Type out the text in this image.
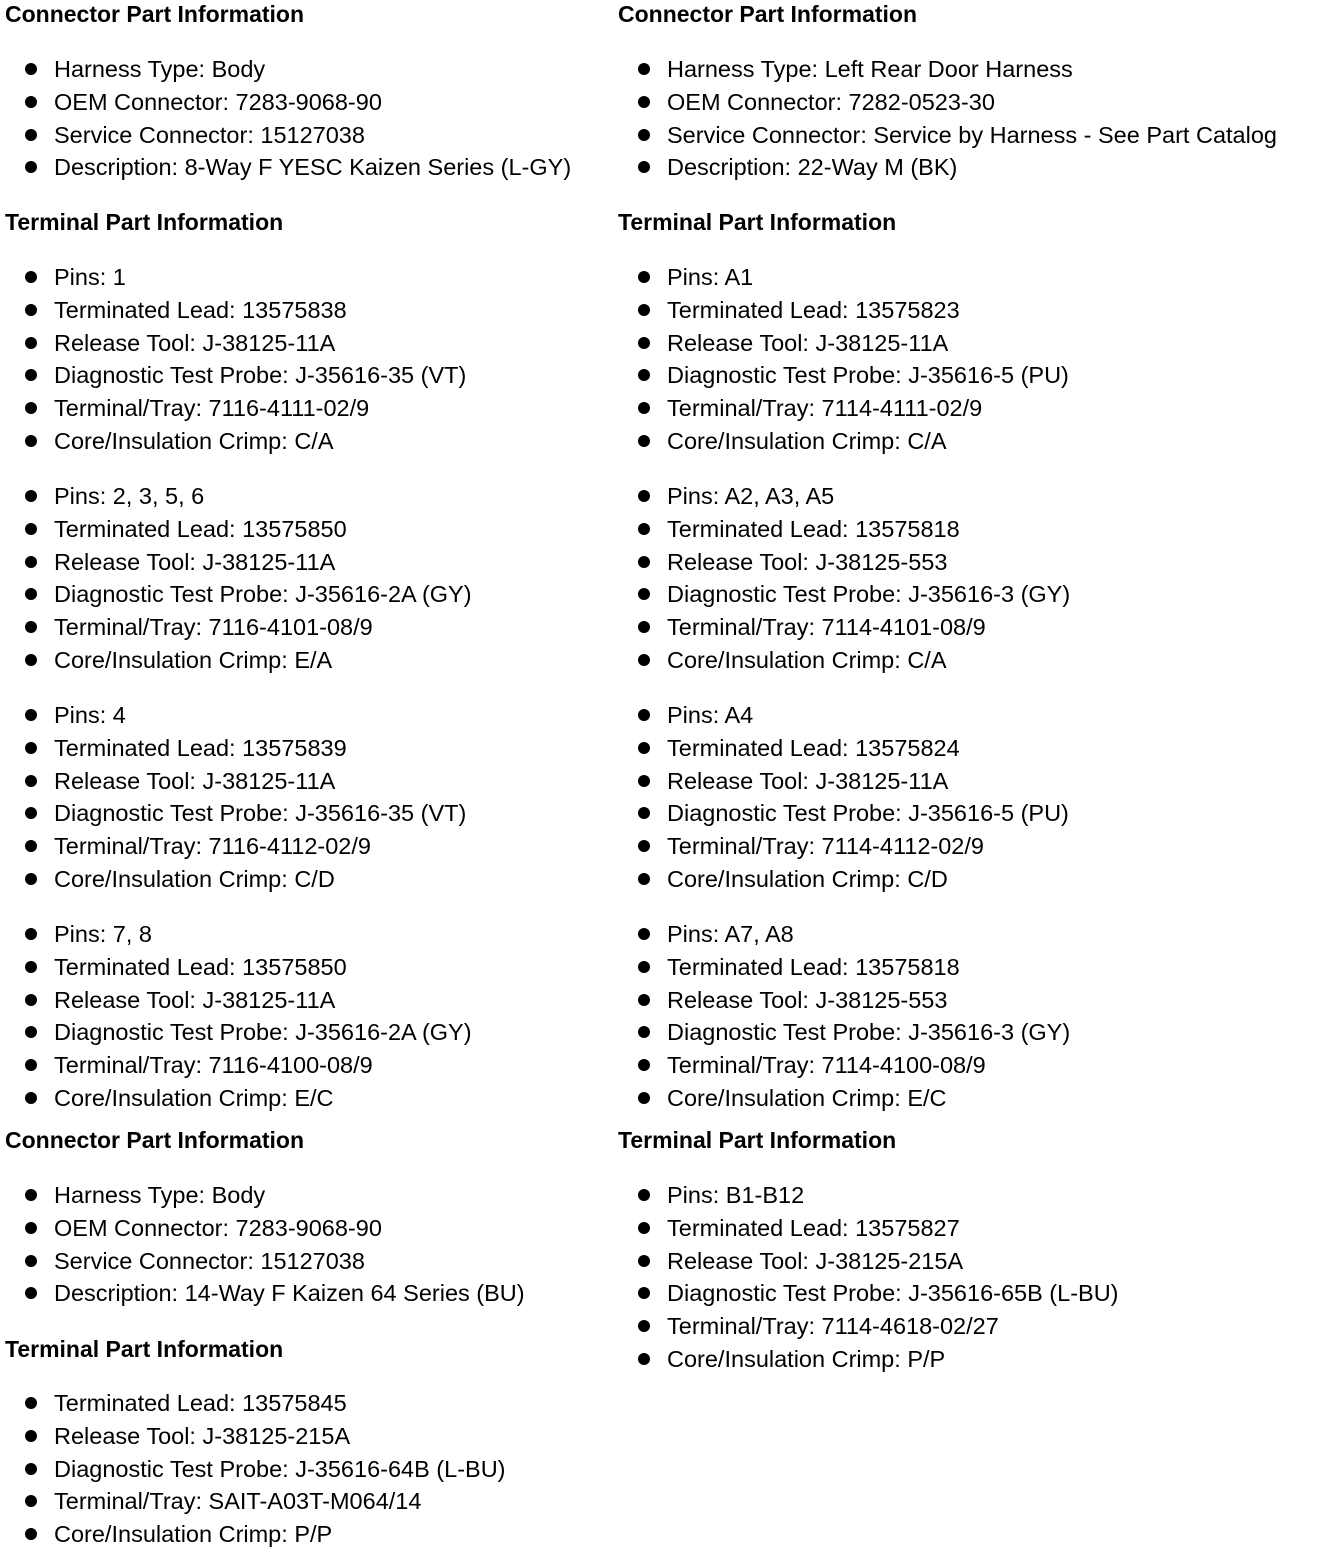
Connector Part Information
Harness Type: Body
OEM Connector: 7283-9068-90
Service Connector: 15127038
Description: 8-Way F YESC Kaizen Series (L-GY)
Terminal Part Information
Pins: 1
Terminated Lead: 13575838
Release Tool: J-38125-11A
Diagnostic Test Probe: J-35616-35 (VT)
Terminal/Tray: 7116-4111-02/9
Core/Insulation Crimp: C/A
Pins: 2, 3, 5, 6
Terminated Lead: 13575850
Release Tool: J-38125-11A
Diagnostic Test Probe: J-35616-2A (GY)
Terminal/Tray: 7116-4101-08/9
Core/Insulation Crimp: E/A
Pins: 4
Terminated Lead: 13575839
Release Tool: J-38125-11A
Diagnostic Test Probe: J-35616-35 (VT)
Terminal/Tray: 7116-4112-02/9
Core/Insulation Crimp: C/D
Pins: 7, 8
Terminated Lead: 13575850
Release Tool: J-38125-11A
Diagnostic Test Probe: J-35616-2A (GY)
Terminal/Tray: 7116-4100-08/9
Core/Insulation Crimp: E/C
Connector Part Information
Harness Type: Body
OEM Connector: 7283-9068-90
Service Connector: 15127038
Description: 14-Way F Kaizen 64 Series (BU)
Terminal Part Information
Terminated Lead: 13575845
Release Tool: J-38125-215A
Diagnostic Test Probe: J-35616-64B (L-BU)
Terminal/Tray: SAIT-A03T-M064/14
Core/Insulation Crimp: P/P
Connector Part Information
Harness Type: Left Rear Door Harness
OEM Connector: 7282-0523-30
Service Connector: Service by Harness - See Part Catalog
Description: 22-Way M (BK)
Terminal Part Information
Pins: A1
Terminated Lead: 13575823
Release Tool: J-38125-11A
Diagnostic Test Probe: J-35616-5 (PU)
Terminal/Tray: 7114-4111-02/9
Core/Insulation Crimp: C/A
Pins: A2, A3, A5
Terminated Lead: 13575818
Release Tool: J-38125-553
Diagnostic Test Probe: J-35616-3 (GY)
Terminal/Tray: 7114-4101-08/9
Core/Insulation Crimp: C/A
Pins: A4
Terminated Lead: 13575824
Release Tool: J-38125-11A
Diagnostic Test Probe: J-35616-5 (PU)
Terminal/Tray: 7114-4112-02/9
Core/Insulation Crimp: C/D
Pins: A7, A8
Terminated Lead: 13575818
Release Tool: J-38125-553
Diagnostic Test Probe: J-35616-3 (GY)
Terminal/Tray: 7114-4100-08/9
Core/Insulation Crimp: E/C
Terminal Part Information
Pins: B1-B12
Terminated Lead: 13575827
Release Tool: J-38125-215A
Diagnostic Test Probe: J-35616-65B (L-BU)
Terminal/Tray: 7114-4618-02/27
Core/Insulation Crimp: P/P
